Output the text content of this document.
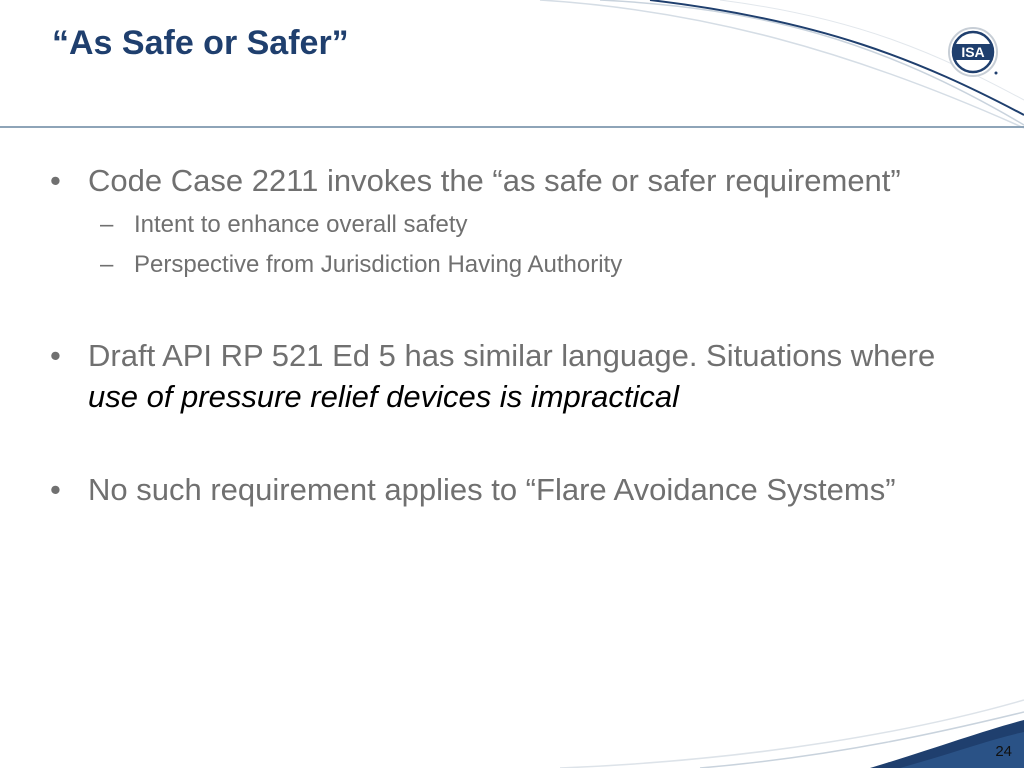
“As Safe or Safer”	ISA
• Code Case 2211 invokes the “as safe or safer requirement”
– Intent to enhance overall safety
– Perspective from Jurisdiction Having Authority
• Draft API RP 521 Ed 5 has similar language. Situations where use of pressure relief devices is impractical
• No such requirement applies to “Flare Avoidance Systems”
24
